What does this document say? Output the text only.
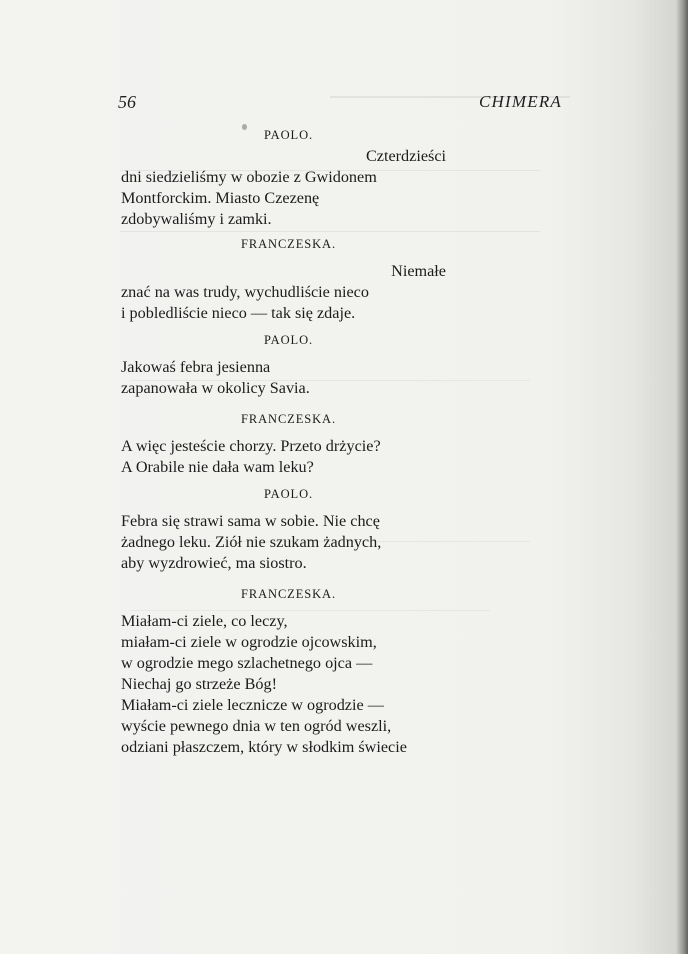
56	CHIMERA
PAOLO.
Czterdzieści
dni siedzieliśmy w obozie z Gwidonem
Montforckim. Miasto Czezenę
zdobywaliśmy i zamki.
FRANCZESKA.
Niemałe
znać na was trudy, wychudliście nieco
i pobledliście nieco — tak się zdaje.
PAOLO.
Jakowaś febra jesienna
zapanowała w okolicy Savia.
FRANCZESKA.
A więc jesteście chorzy. Przeto drżycie?
A Orabile nie dała wam leku?
PAOLO.
Febra się strawi sama w sobie. Nie chcę
żadnego leku. Ziół nie szukam żadnych,
aby wyzdrowieć, ma siostro.
FRANCZESKA.
Miałam-ci ziele, co leczy,
miałam-ci ziele w ogrodzie ojcowskim,
w ogrodzie mego szlachetnego ojca —
Niechaj go strzeże Bóg!
Miałam-ci ziele lecznicze w ogrodzie —
wyście pewnego dnia w ten ogród weszli,
odziani płaszczem, który w słodkim świecie
